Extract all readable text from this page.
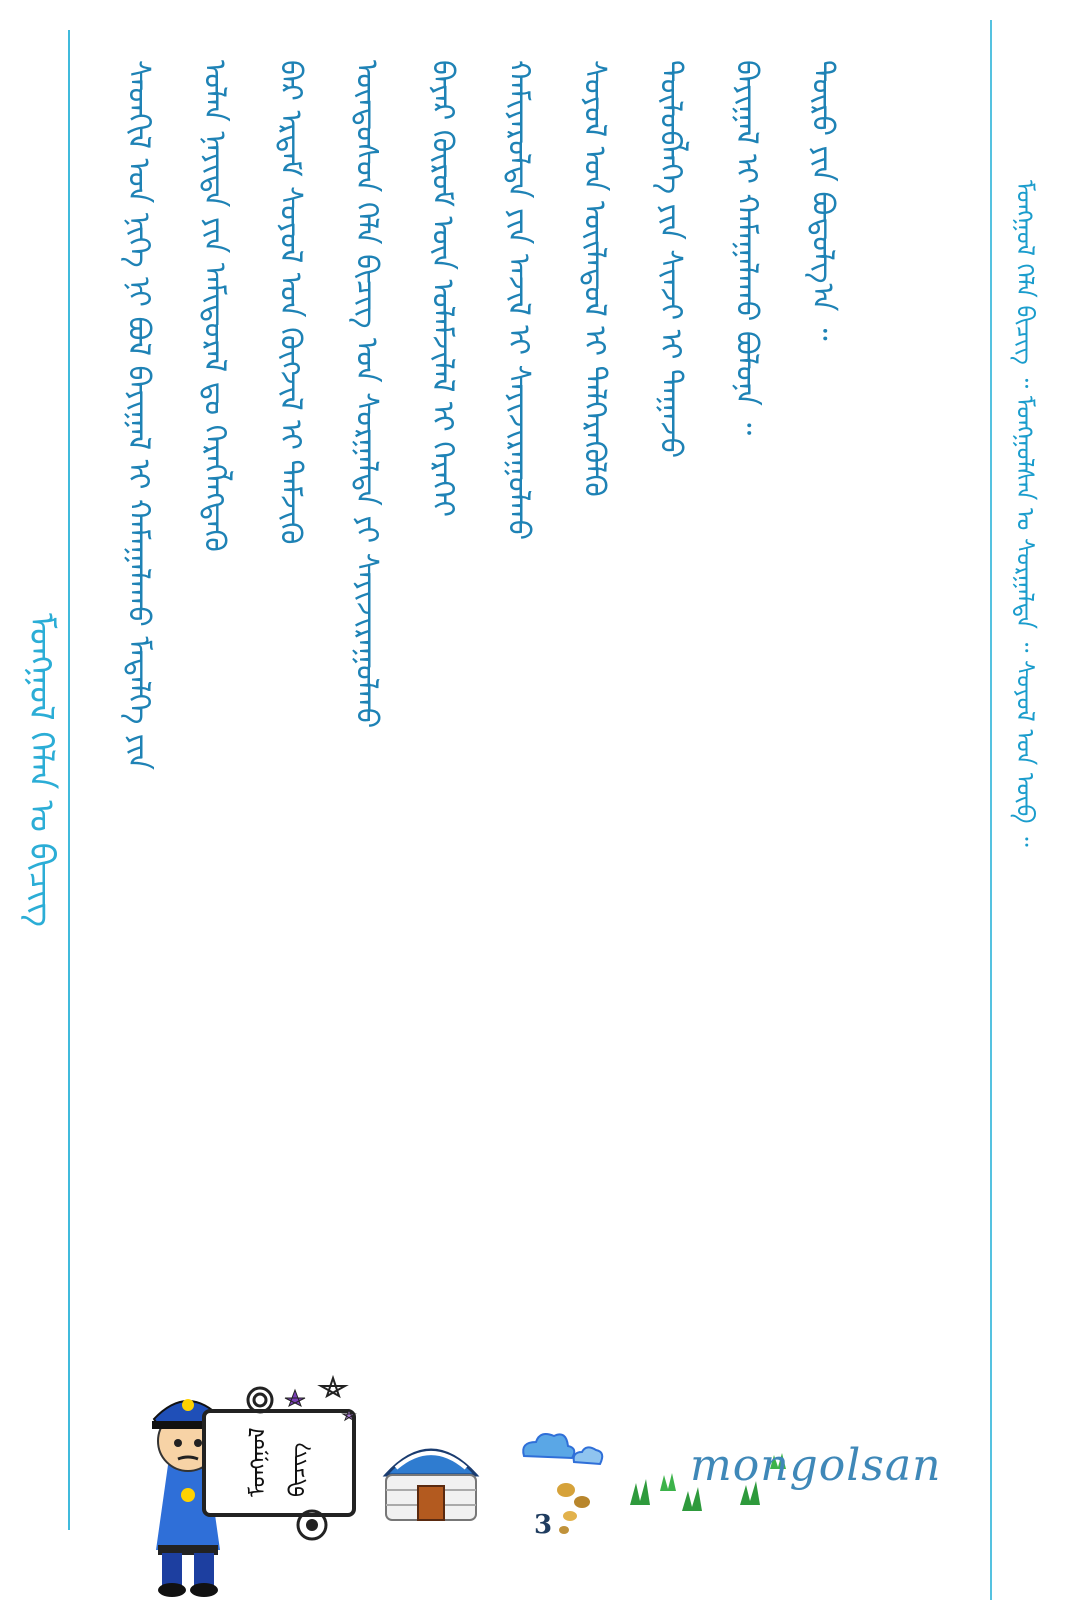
ᠮᠣᠩᠭᠣᠯ ᠬᠡᠯᠡᠨ ᠣ ᠪᠢᠴᠢᠭ	ᠰᠡᠳᠬᠢᠯ ᠤᠨ ᠨᠢᠭᠡ ᠨᠢ ᠪᠣᠯ ᠪᠠᠶᠢᠭᠠᠯ ᠢ ᠬᠠᠮᠠᠭᠠᠯᠠᠬᠤ ᠮᠡᠳᠡᠯᠭᠡ ᠶᠢᠨ	ᠣᠯᠠᠨ ᠨᠡᠶᠢᠲᠡ ᠶᠢᠨ ᠠᠮᠢᠳᠤᠷᠠᠯ ᠳᠤ ᠬᠡᠷᠡᠭᠯᠡᠭᠳᠡᠭᠦ	ᠪᠡᠷ ᠡᠷᠳᠡᠮ ᠰᠣᠶᠤᠯ ᠤᠨ ᠬᠥᠭᠵᠢᠯ ᠢ ᠳᠡᠮᠵᠢᠬᠦ	ᠦᠨᠳᠦᠰᠦᠨ ᠬᠡᠯᠡ ᠪᠢᠴᠢᠭ ᠤᠨ ᠰᠤᠷᠭᠠᠯᠲᠠ ᠶᠢ ᠰᠠᠶᠢᠵᠢᠷᠠᠭᠤᠯᠬᠤ	ᠪᠠᠶᠠᠷ ᠬᠦᠷᠦᠮ ᠦᠨ ᠤᠯᠠᠮᠵᠢᠯᠠᠯ ᠢ ᠭᠡᠷᠡᠬᠡᠢ	ᠬᠠᠮᠢᠶᠠᠷᠤᠯᠲᠠ ᠶᠢᠨ ᠠᠵᠢᠯ ᠢ ᠰᠠᠶᠢᠵᠢᠷᠠᠭᠤᠯᠬᠤ	ᠰᠣᠶᠣᠯ ᠤᠨ ᠦᠢᠯᠡᠳᠦᠯ ᠢ ᠳᠡᠯᠭᠡᠷᠡᠭᠦᠯᠬᠦ	ᠲᠥᠯᠦᠪᠯᠡᠭᠡ ᠶᠢᠨ ᠰᠢᠨᠵᠢ ᠢ ᠳᠠᠭᠠᠵᠤ	ᠪᠠᠶᠢᠭᠠᠯ ᠢ ᠬᠠᠮᠠᠭᠠᠯᠠᠬᠤ ᠪᠣᠯᠤᠨᠠ ᠃	ᠲᠥᠷᠥ ᠶᠢᠨ ᠪᠣᠳᠤᠯᠭ᠎ᠠ ᠃	ᠮᠣᠩᠭᠣᠯ ᠬᠡᠯᠡ ᠪᠢᠴᠢᠭ ᠃ ᠮᠣᠩᠭᠣᠯᠰᠠᠨ ᠤ ᠰᠤᠷᠭᠠᠯᠲᠠ ᠃ ᠰᠣᠶᠣᠯ ᠤᠨ ᠥᠪ ᠃
ᠮᠣᠩᠭᠣᠯ ᠪᠢᠴᠢᠭ
3
mongolsan
